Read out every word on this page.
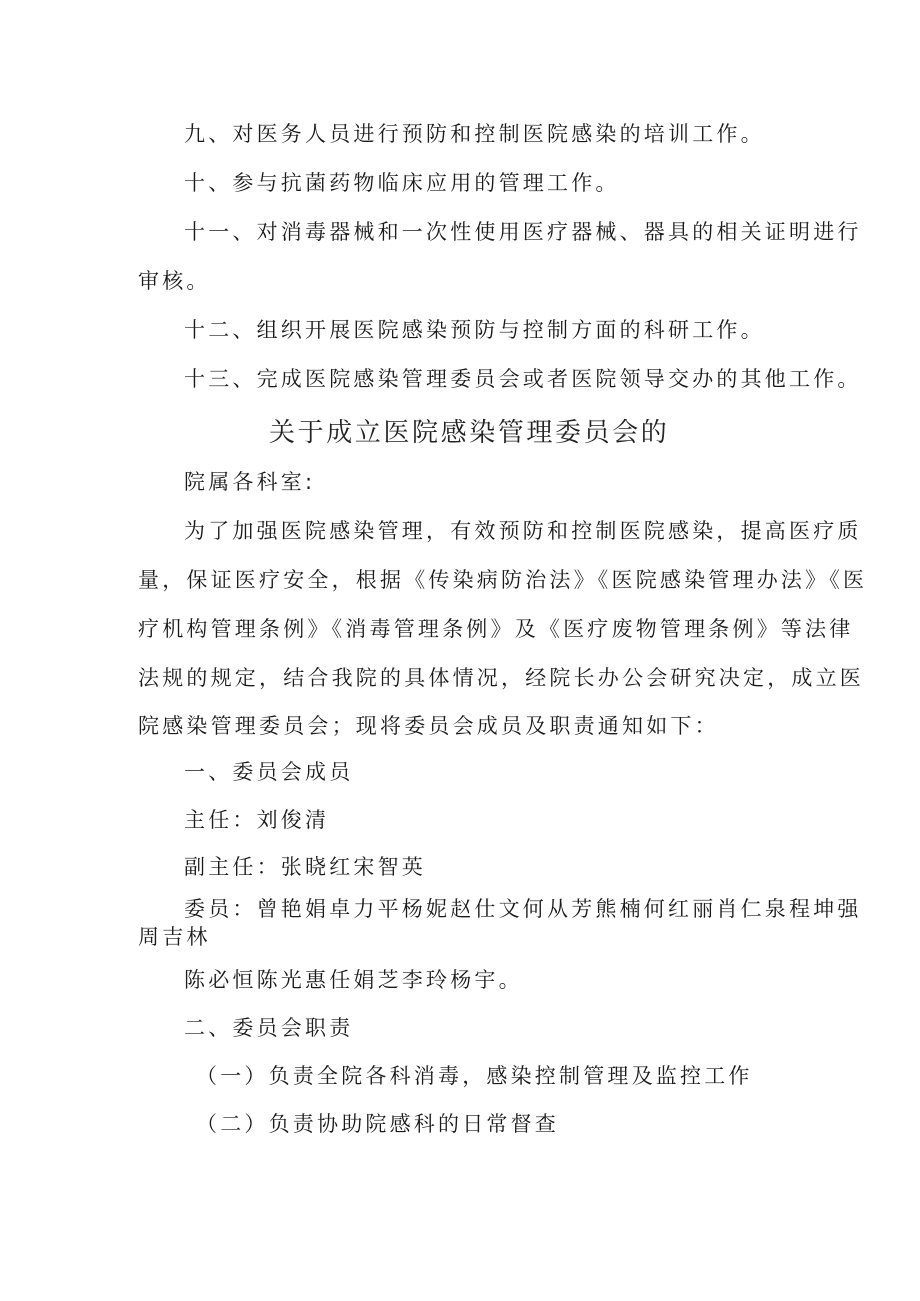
九、对医务人员进行预防和控制医院感染的培训工作。
十、参与抗菌药物临床应用的管理工作。
十一、对消毒器械和一次性使用医疗器械、器具的相关证明进行
审核。
十二、组织开展医院感染预防与控制方面的科研工作。
十三、完成医院感染管理委员会或者医院领导交办的其他工作。
关于成立医院感染管理委员会的
院属各科室:
为了加强医院感染管理，有效预防和控制医院感染，提高医疗质
量，保证医疗安全，根据《传染病防治法》《医院感染管理办法》《医
疗机构管理条例》《消毒管理条例》及《医疗废物管理条例》等法律
法规的规定，结合我院的具体情况，经院长办公会研究决定，成立医
院感染管理委员会；现将委员会成员及职责通知如下：
一、委员会成员
主任：刘俊清
副主任：张晓红宋智英
委员：曾艳娟卓力平杨妮赵仕文何从芳熊楠何红丽肖仁泉程坤强
周吉林
陈必恒陈光惠任娟芝李玲杨宇。
二、委员会职责
（一）负责全院各科消毒，感染控制管理及监控工作
（二）负责协助院感科的日常督查
